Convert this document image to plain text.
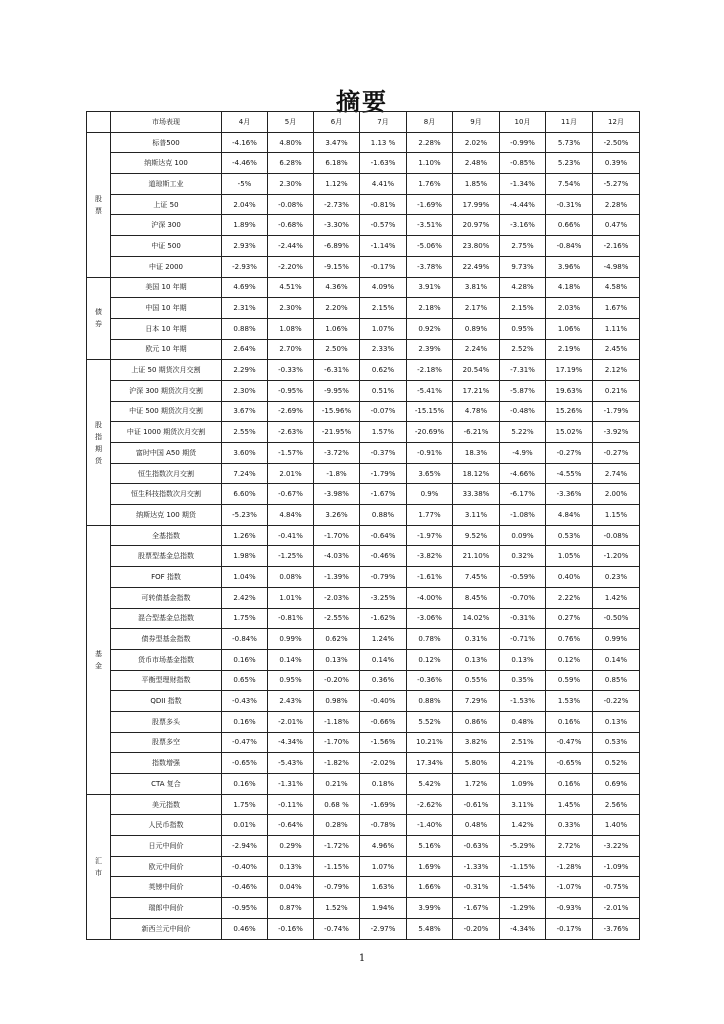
摘要
	市场表现	4月	5月	6月	7月	8月	9月	10月	11月	12月

股票	标普500	-4.16%	4.80%	3.47%	1.13 %	2.28%	2.02%	-0.99%	5.73%	-2.50%
	纳斯达克 100	-4.46%	6.28%	6.18%	-1.63%	1.10%	2.48%	-0.85%	5.23%	0.39%
	道琼斯工业	-5%	2.30%	1.12%	4.41%	1.76%	1.85%	-1.34%	7.54%	-5.27%
	上证 50	2.04%	-0.08%	-2.73%	-0.81%	-1.69%	17.99%	-4.44%	-0.31%	2.28%
	沪深 300	1.89%	-0.68%	-3.30%	-0.57%	-3.51%	20.97%	-3.16%	0.66%	0.47%
	中证 500	2.93%	-2.44%	-6.89%	-1.14%	-5.06%	23.80%	2.75%	-0.84%	-2.16%
	中证 2000	-2.93%	-2.20%	-9.15%	-0.17%	-3.78%	22.49%	9.73%	3.96%	-4.98%

债券	美国 10 年期	4.69%	4.51%	4.36%	4.09%	3.91%	3.81%	4.28%	4.18%	4.58%
	中国 10 年期	2.31%	2.30%	2.20%	2.15%	2.18%	2.17%	2.15%	2.03%	1.67%
	日本 10 年期	0.88%	1.08%	1.06%	1.07%	0.92%	0.89%	0.95%	1.06%	1.11%
	欧元 10 年期	2.64%	2.70%	2.50%	2.33%	2.39%	2.24%	2.52%	2.19%	2.45%

股指期货	上证 50 期货次月交割	2.29%	-0.33%	-6.31%	0.62%	-2.18%	20.54%	-7.31%	17.19%	2.12%
	沪深 300 期货次月交割	2.30%	-0.95%	-9.95%	0.51%	-5.41%	17.21%	-5.87%	19.63%	0.21%
	中证 500 期货次月交割	3.67%	-2.69%	-15.96%	-0.07%	-15.15%	4.78%	-0.48%	15.26%	-1.79%
	中证 1000 期货次月交割	2.55%	-2.63%	-21.95%	1.57%	-20.69%	-6.21%	5.22%	15.02%	-3.92%
	富时中国 A50 期货	3.60%	-1.57%	-3.72%	-0.37%	-0.91%	18.3%	-4.9%	-0.27%	-0.27%
	恒生指数次月交割	7.24%	2.01%	-1.8%	-1.79%	3.65%	18.12%	-4.66%	-4.55%	2.74%
	恒生科技指数次月交割	6.60%	-0.67%	-3.98%	-1.67%	0.9%	33.38%	-6.17%	-3.36%	2.00%
	纳斯达克 100 期货	-5.23%	4.84%	3.26%	0.88%	1.77%	3.11%	-1.08%	4.84%	1.15%

基金	全基指数	1.26%	-0.41%	-1.70%	-0.64%	-1.97%	9.52%	0.09%	0.53%	-0.08%
	股票型基金总指数	1.98%	-1.25%	-4.03%	-0.46%	-3.82%	21.10%	0.32%	1.05%	-1.20%
	FOF 指数	1.04%	0.08%	-1.39%	-0.79%	-1.61%	7.45%	-0.59%	0.40%	0.23%
	可转债基金指数	2.42%	1.01%	-2.03%	-3.25%	-4.00%	8.45%	-0.70%	2.22%	1.42%
	混合型基金总指数	1.75%	-0.81%	-2.55%	-1.62%	-3.06%	14.02%	-0.31%	0.27%	-0.50%
	债券型基金指数	-0.84%	0.99%	0.62%	1.24%	0.78%	0.31%	-0.71%	0.76%	0.99%
	货币市场基金指数	0.16%	0.14%	0.13%	0.14%	0.12%	0.13%	0.13%	0.12%	0.14%
	平衡型理财指数	0.65%	0.95%	-0.20%	0.36%	-0.36%	0.55%	0.35%	0.59%	0.85%
	QDII 指数	-0.43%	2.43%	0.98%	-0.40%	0.88%	7.29%	-1.53%	1.53%	-0.22%
	股票多头	0.16%	-2.01%	-1.18%	-0.66%	5.52%	0.86%	0.48%	0.16%	0.13%
	股票多空	-0.47%	-4.34%	-1.70%	-1.56%	10.21%	3.82%	2.51%	-0.47%	0.53%
	指数增强	-0.65%	-5.43%	-1.82%	-2.02%	17.34%	5.80%	4.21%	-0.65%	0.52%
	CTA 复合	0.16%	-1.31%	0.21%	0.18%	5.42%	1.72%	1.09%	0.16%	0.69%

汇市	美元指数	1.75%	-0.11%	0.68 %	-1.69%	-2.62%	-0.61%	3.11%	1.45%	2.56%
	人民币指数	0.01%	-0.64%	0.28%	-0.78%	-1.40%	0.48%	1.42%	0.33%	1.40%
	日元中间价	-2.94%	0.29%	-1.72%	4.96%	5.16%	-0.63%	-5.29%	2.72%	-3.22%
	欧元中间价	-0.40%	0.13%	-1.15%	1.07%	1.69%	-1.33%	-1.15%	-1.28%	-1.09%
	英镑中间价	-0.46%	0.04%	-0.79%	1.63%	1.66%	-0.31%	-1.54%	-1.07%	-0.75%
	瑞郎中间价	-0.95%	0.87%	1.52%	1.94%	3.99%	-1.67%	-1.29%	-0.93%	-2.01%
	新西兰元中间价	0.46%	-0.16%	-0.74%	-2.97%	5.48%	-0.20%	-4.34%	-0.17%	-3.76%
1
